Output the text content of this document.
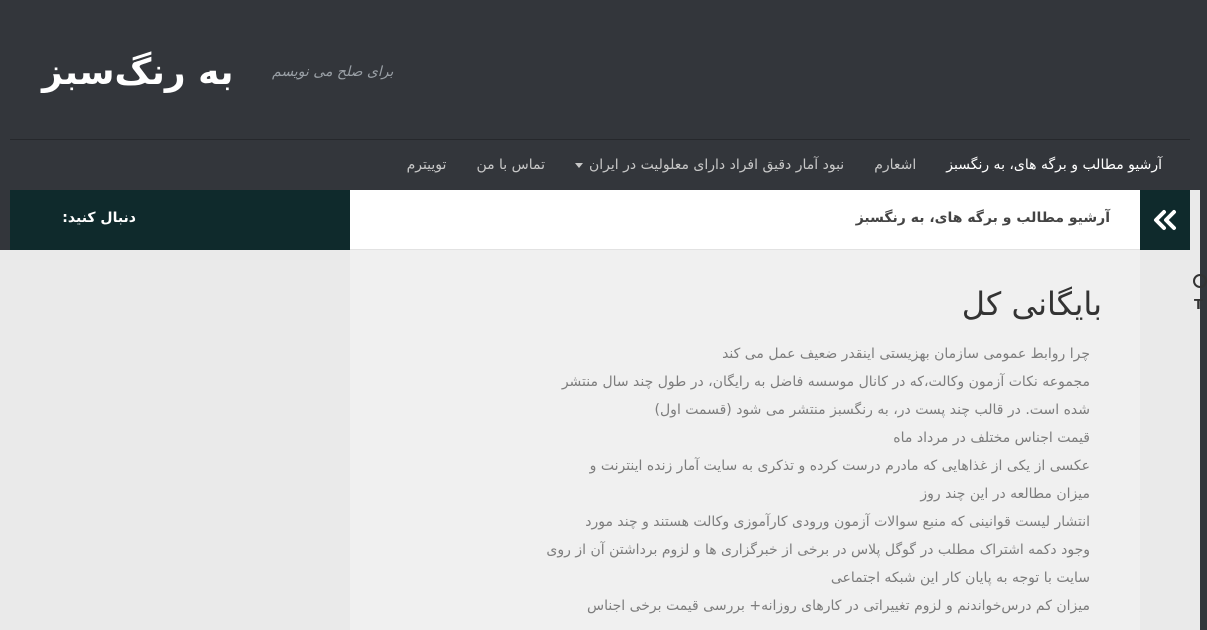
به رنگ‌سبز	برای صلح می نویسم
آرشیو مطالب و برگه های، به رنگسبز
اشعارم
نبود آمار دقیق افراد دارای معلولیت در ایران
تماس با من
توییترم
دنبال کنید:	آرشیو مطالب و برگه های، به رنگسبز
بایگانی کل
چرا روابط عمومی سازمان بهزیستی اینقدر ضعیف عمل می کند
مجموعه نکات آزمون وکالت،که در کانال موسسه فاضل به رایگان، در طول چند سال منتشر
شده است. در قالب چند پست در، به رنگسبز منتشر می شود (قسمت اول)
قیمت اجناس مختلف در مرداد ماه
عکسی از یکی از غذاهایی که مادرم درست کرده و تذکری به سایت آمار زنده اینترنت و
میزان مطالعه در این چند روز
انتشار لیست قوانینی که منبع سوالات آزمون ورودی کارآموزی وکالت هستند و چند مورد
وجود دکمه اشتراک مطلب در گوگل پلاس در برخی از خبرگزاری ها و لزوم برداشتن آن از روی
سایت با توجه به پایان کار این شبکه اجتماعی
میزان کم درس‌خواندنم و لزوم تغییراتی در کارهای روزانه+ بررسی قیمت برخی اجناس
T
